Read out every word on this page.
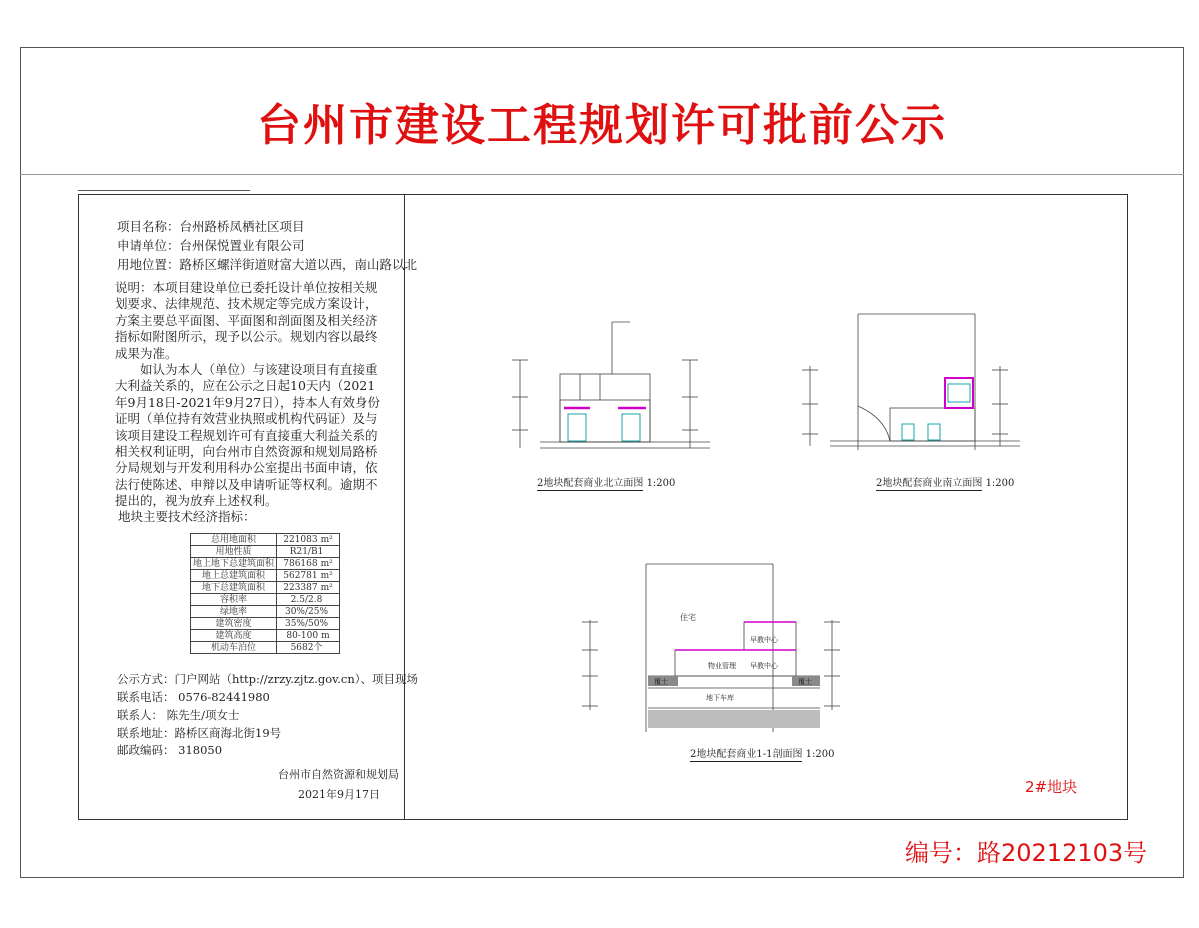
台州市建设工程规划许可批前公示
项目名称：台州路桥凤栖社区项目
申请单位：台州保悦置业有限公司
用地位置：路桥区螺洋街道财富大道以西，南山路以北

说明：本项目建设单位已委托设计单位按相关规划要求、法律规范、技术规定等完成方案设计，方案主要总平面图、平面图和剖面图及相关经济指标如附图所示，现予以公示。规划内容以最终成果为准。

如认为本人（单位）与该建设项目有直接重大利益关系的，应在公示之日起10天内（2021年9月18日-2021年9月27日），持本人有效身份证明（单位持有效营业执照或机构代码证）及与该项目建设工程规划许可有直接重大利益关系的相关权利证明，向台州市自然资源和规划局路桥分局规划与开发利用科办公室提出书面申请，依法行使陈述、申辩以及申请听证等权利。逾期不提出的，视为放弃上述权利。

地块主要技术经济指标：
总用地面积	221083 m²
用地性质	R21/B1
地上地下总建筑面积	786168 m²
地上总建筑面积	562781 m²
地下总建筑面积	223387 m²
容积率	2.5/2.8
绿地率	30%/25%
建筑密度	35%/50%
建筑高度	80-100 m
机动车泊位	5682个
公示方式：门户网站（http://zrzy.zjtz.gov.cn）、项目现场
联系电话： 0576-82441980
联系人： 陈先生/项女士
联系地址：路桥区商海北街19号
邮政编码： 318050
台州市自然资源和规划局
2021年9月17日
2地块配套商业北立面图 1:200	2地块配套商业南立面图 1:200
住宅
早教中心
物业管理 早教中心
覆土	覆土
地下车库
2地块配套商业1-1剖面图 1:200
2#地块
编号：路20212103号
